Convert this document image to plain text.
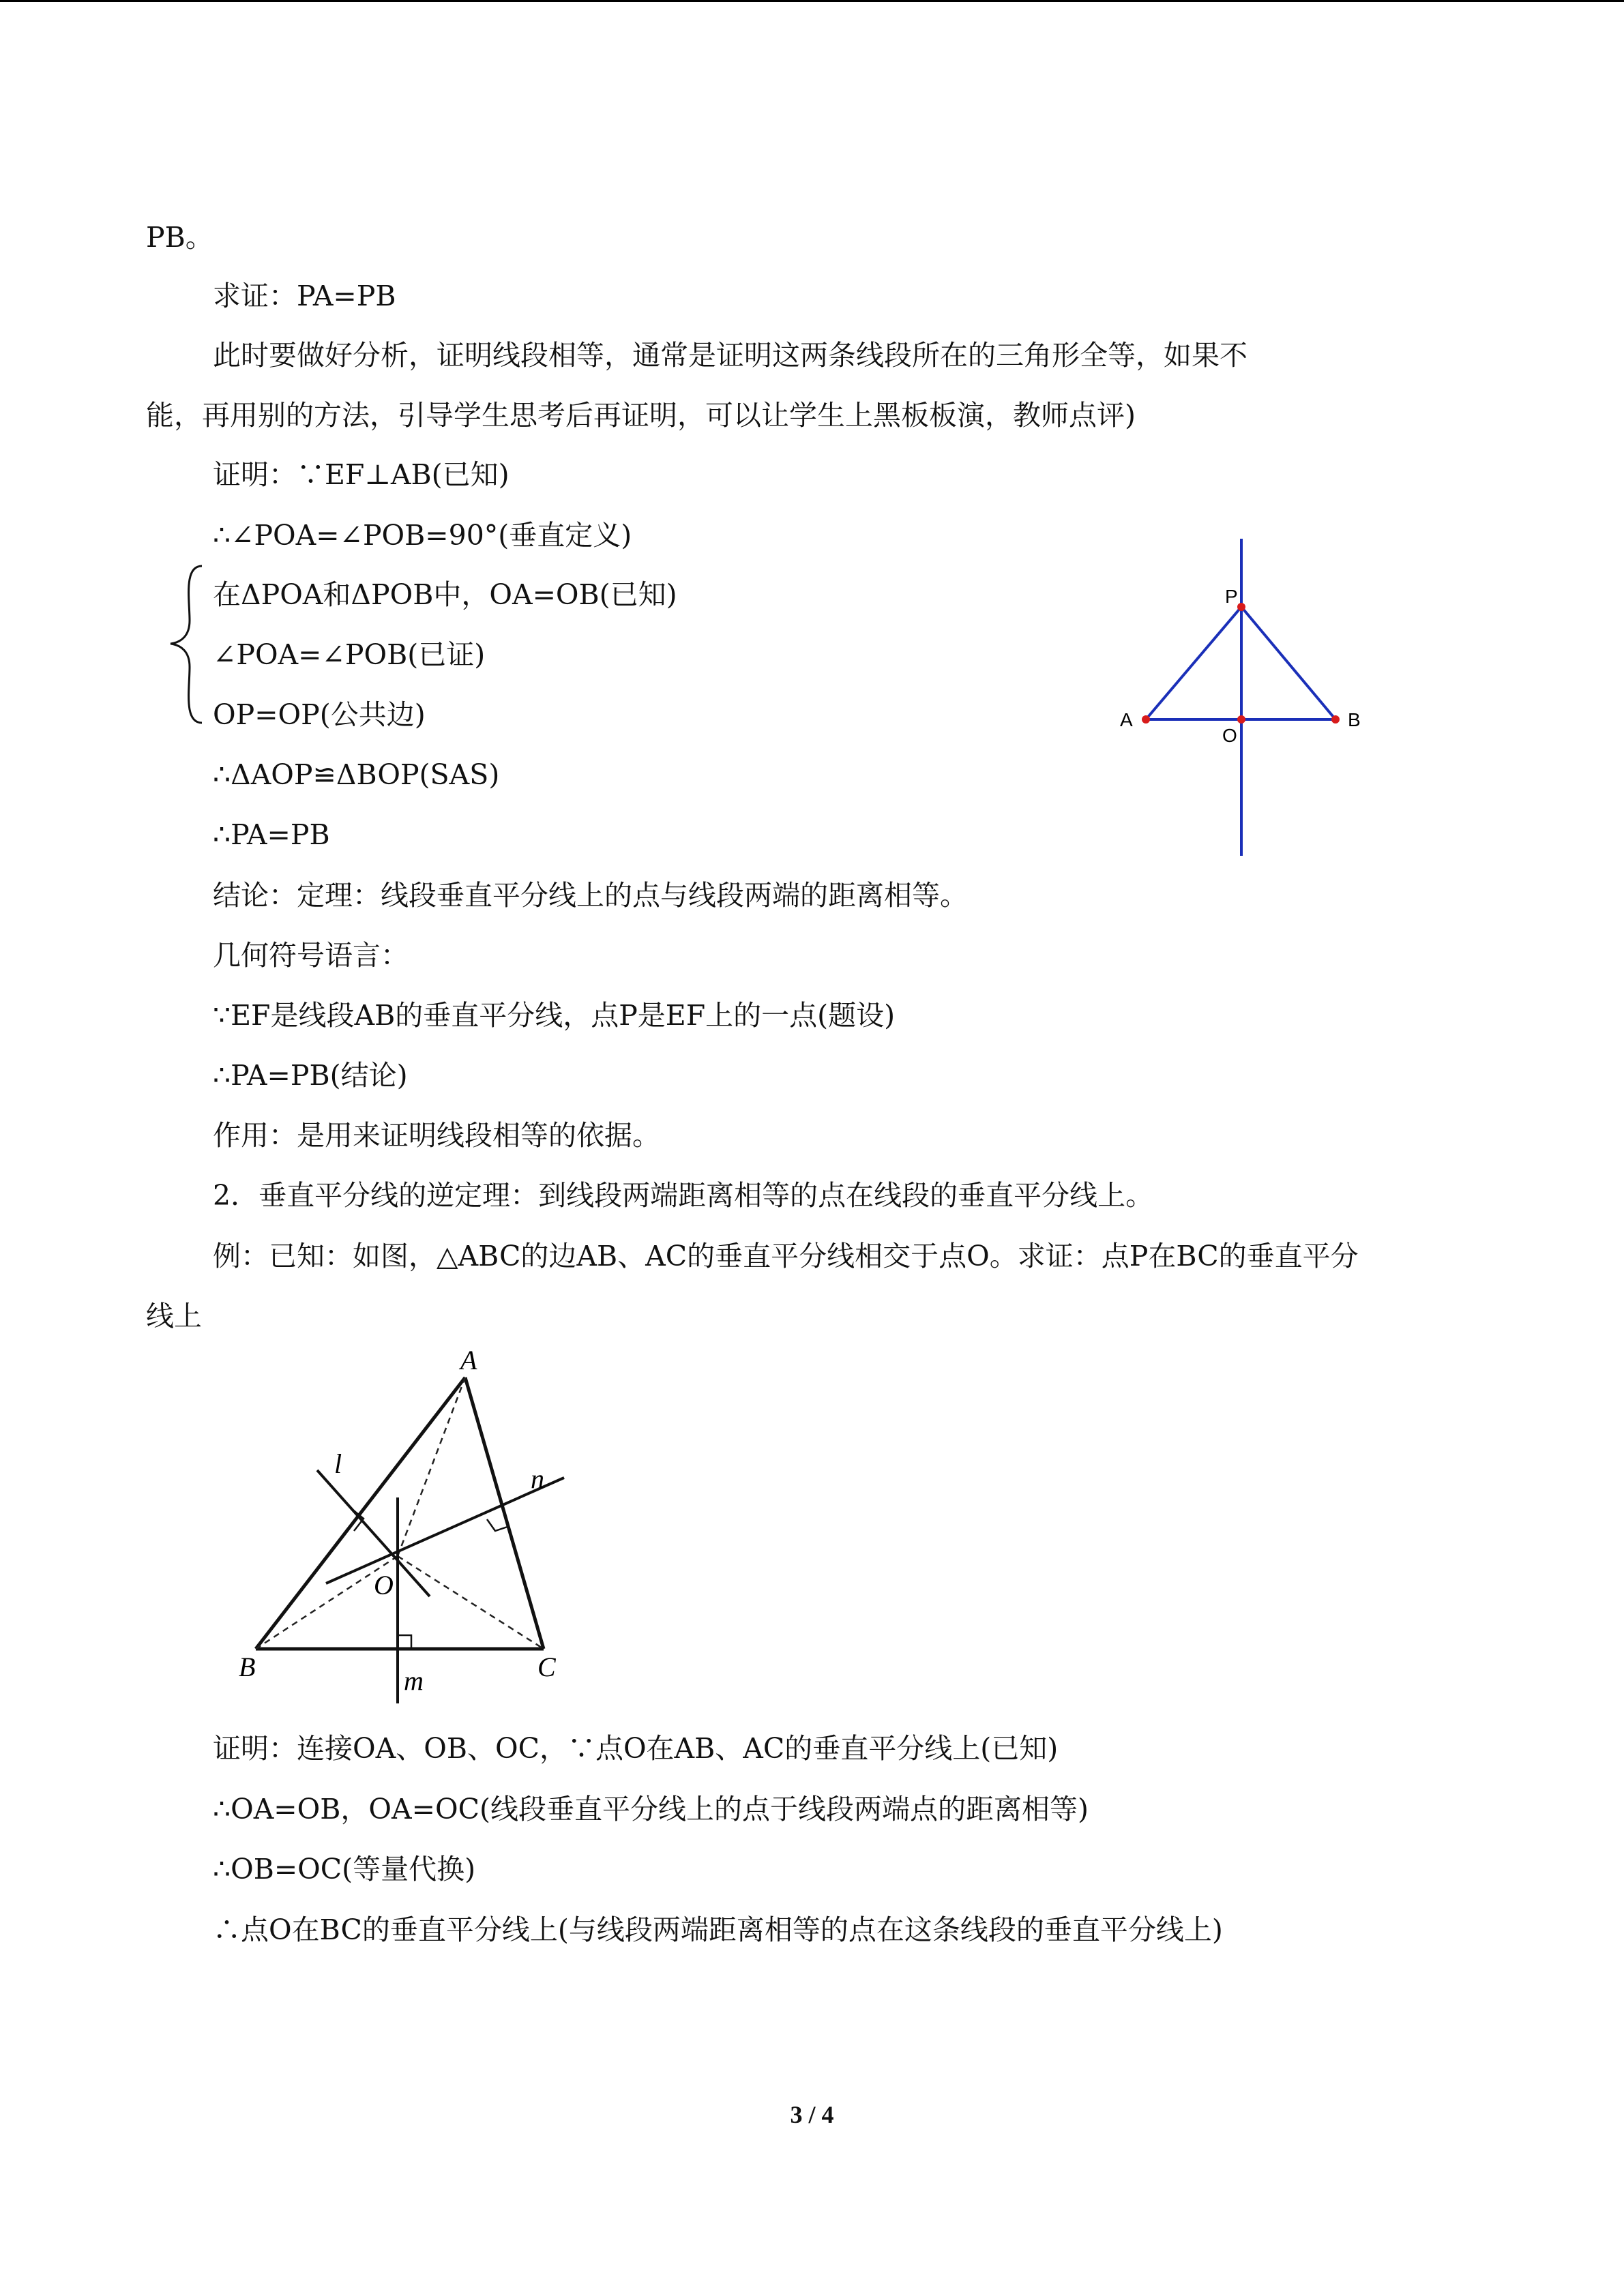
PB。
求证：PA=PB
此时要做好分析，证明线段相等，通常是证明这两条线段所在的三角形全等，如果不
能，再用别的方法，引导学生思考后再证明，可以让学生上黑板板演，教师点评)
证明：∵EF⊥AB(已知)
∴∠POA=∠POB=90°(垂直定义)
在ΔPOA和ΔPOB中，OA=OB(已知)
∠POA=∠POB(已证)
OP=OP(公共边)
∴ΔAOP≌ΔBOP(SAS)
∴PA=PB
结论：定理：线段垂直平分线上的点与线段两端的距离相等。
几何符号语言：
∵EF是线段AB的垂直平分线，点P是EF上的一点(题设)
∴PA=PB(结论)
作用：是用来证明线段相等的依据。
2．垂直平分线的逆定理：到线段两端距离相等的点在线段的垂直平分线上。
例：已知：如图，△ABC的边AB、AC的垂直平分线相交于点O。求证：点P在BC的垂直平分
线上
证明：连接OA、OB、OC，∵点O在AB、AC的垂直平分线上(已知)
∴OA=OB，OA=OC(线段垂直平分线上的点于线段两端点的距离相等)
∴OB=OC(等量代换)
∴点O在BC的垂直平分线上(与线段两端距离相等的点在这条线段的垂直平分线上)
P
A
O
B
A
B	C
O
l	n
m
3 / 4
